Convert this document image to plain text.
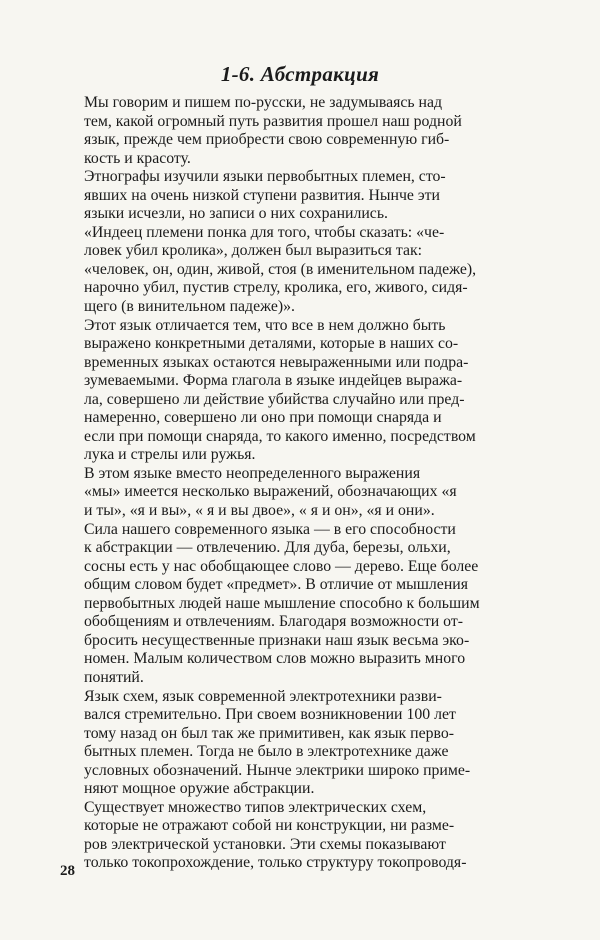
1-6. Абстракция

Мы говорим и пишем по-русски, не задумываясь над
тем, какой огромный путь развития прошел наш родной
язык, прежде чем приобрести свою современную гиб-
кость и красоту.

Этнографы изучили языки первобытных племен, сто-
явших на очень низкой ступени развития. Нынче эти
языки исчезли, но записи о них сохранились.

«Индеец племени понка для того, чтобы сказать: «че-
ловек убил кролика», должен был выразиться так:
«человек, он, один, живой, стоя (в именительном падеже),
нарочно убил, пустив стрелу, кролика, его, живого, сидя-
щего (в винительном падеже)».

Этот язык отличается тем, что все в нем должно быть
выражено конкретными деталями, которые в наших со-
временных языках остаются невыраженными или подра-
зумеваемыми. Форма глагола в языке индейцев выража-
ла, совершено ли действие убийства случайно или пред-
намеренно, совершено ли оно при помощи снаряда и
если при помощи снаряда, то какого именно, посредством
лука и стрелы или ружья.

В этом языке вместо неопределенного выражения
«мы» имеется несколько выражений, обозначающих «я
и ты», «я и вы», « я и вы двое», « я и он», «я и они».

Сила нашего современного языка — в его способности
к абстракции — отвлечению. Для дуба, березы, ольхи,
сосны есть у нас обобщающее слово — дерево. Еще более
общим словом будет «предмет». В отличие от мышления
первобытных людей наше мышление способно к большим
обобщениям и отвлечениям. Благодаря возможности от-
бросить несущественные признаки наш язык весьма эко-
номен. Малым количеством слов можно выразить много
понятий.

Язык схем, язык современной электротехники разви-
вался стремительно. При своем возникновении 100 лет
тому назад он был так же примитивен, как язык перво-
бытных племен. Тогда не было в электротехнике даже
условных обозначений. Нынче электрики широко приме-
няют мощное оружие абстракции.

Существует множество типов электрических схем,
которые не отражают собой ни конструкции, ни разме-
ров электрической установки. Эти схемы показывают
только токопрохождение, только структуру токопроводя-

28
